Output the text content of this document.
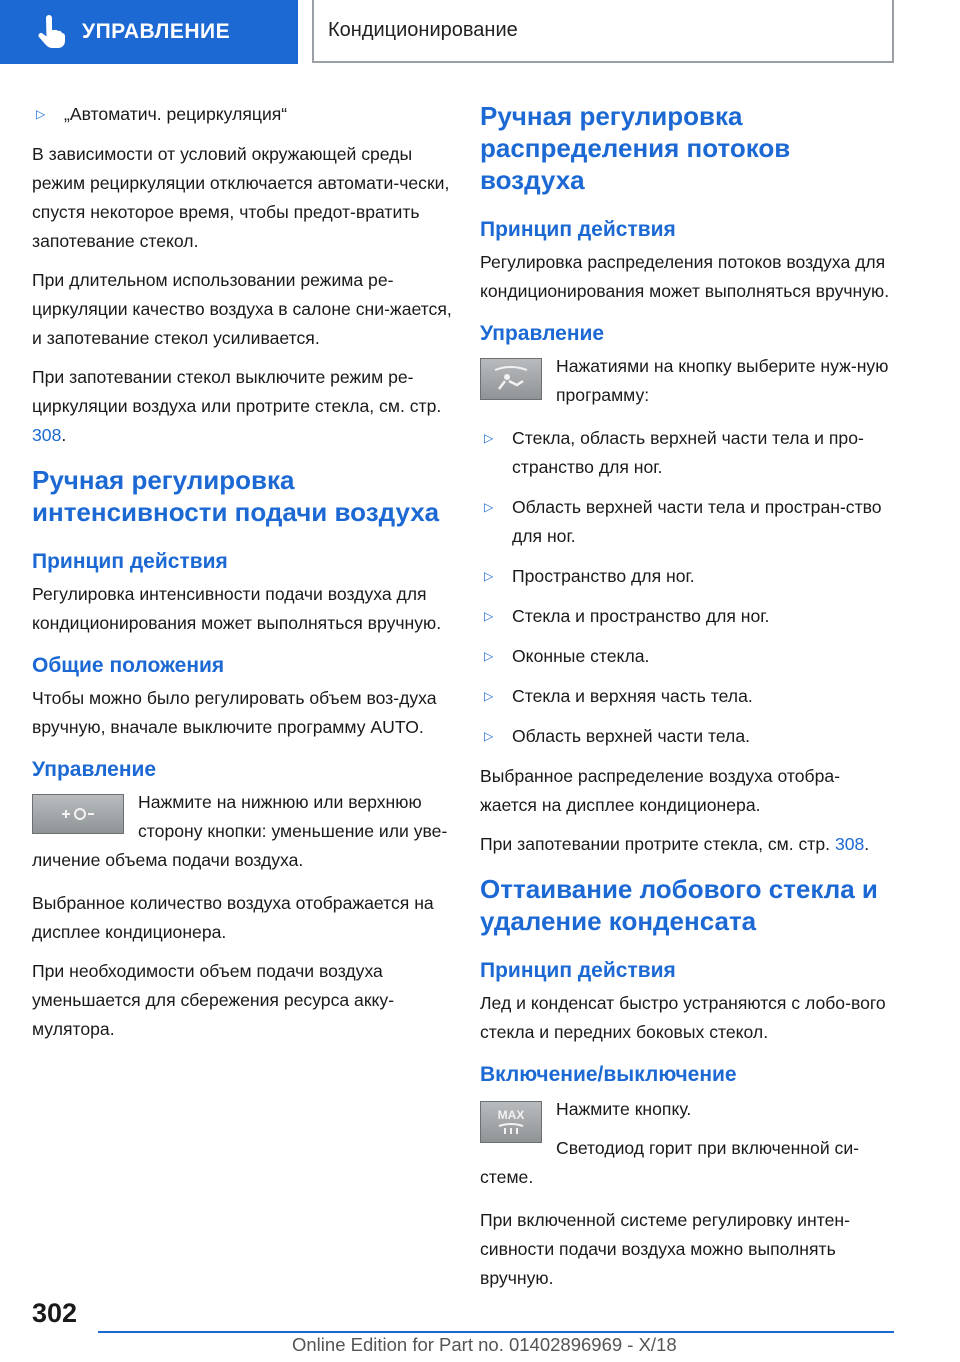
УПРАВЛЕНИЕ	Кондиционирование
▷	„Автоматич. рециркуляция“

В зависимости от условий окружающей среды режим рециркуляции отключается автомати-чески, спустя некоторое время, чтобы предот-вратить запотевание стекол.

При длительном использовании режима ре-циркуляции качество воздуха в салоне сни-жается, и запотевание стекол усиливается.

При запотевании стекол выключите режим ре-циркуляции воздуха или протрите стекла, см. стр. 308.

Ручная регулировка интенсивности подачи воздуха
Принцип действия

Регулировка интенсивности подачи воздуха для кондиционирования может выполняться вручную.

Общие положения

Чтобы можно было регулировать объем воз-духа вручную, вначале выключите программу AUTO.

Управление

Нажмите на нижнюю или верхнюю сторону кнопки: уменьшение или уве-личение объема подачи воздуха.

Выбранное количество воздуха отображается на дисплее кондиционера.

При необходимости объем подачи воздуха уменьшается для сбережения ресурса акку-мулятора.

Ручная регулировка распределения потоков воздуха
Принцип действия

Регулировка распределения потоков воздуха для кондиционирования может выполняться вручную.

Управление

Нажатиями на кнопку выберите нуж-ную программу:

▷	Стекла, область верхней части тела и про-странство для ног.
▷	Область верхней части тела и простран-ство для ног.
▷	Пространство для ног.
▷	Стекла и пространство для ног.
▷	Оконные стекла.
▷	Стекла и верхняя часть тела.
▷	Область верхней части тела.

Выбранное распределение воздуха отобра-жается на дисплее кондиционера.

При запотевании протрите стекла, см. стр. 308.

Оттаивание лобового стекла и удаление конденсата
Принцип действия

Лед и конденсат быстро устраняются с лобо-вого стекла и передних боковых стекол.

Включение/выключение
MAX	Нажмите кнопку.

Светодиод горит при включенной си-стеме.

При включенной системе регулировку интен-сивности подачи воздуха можно выполнять вручную.

302
Online Edition for Part no. 01402896969 - X/18
